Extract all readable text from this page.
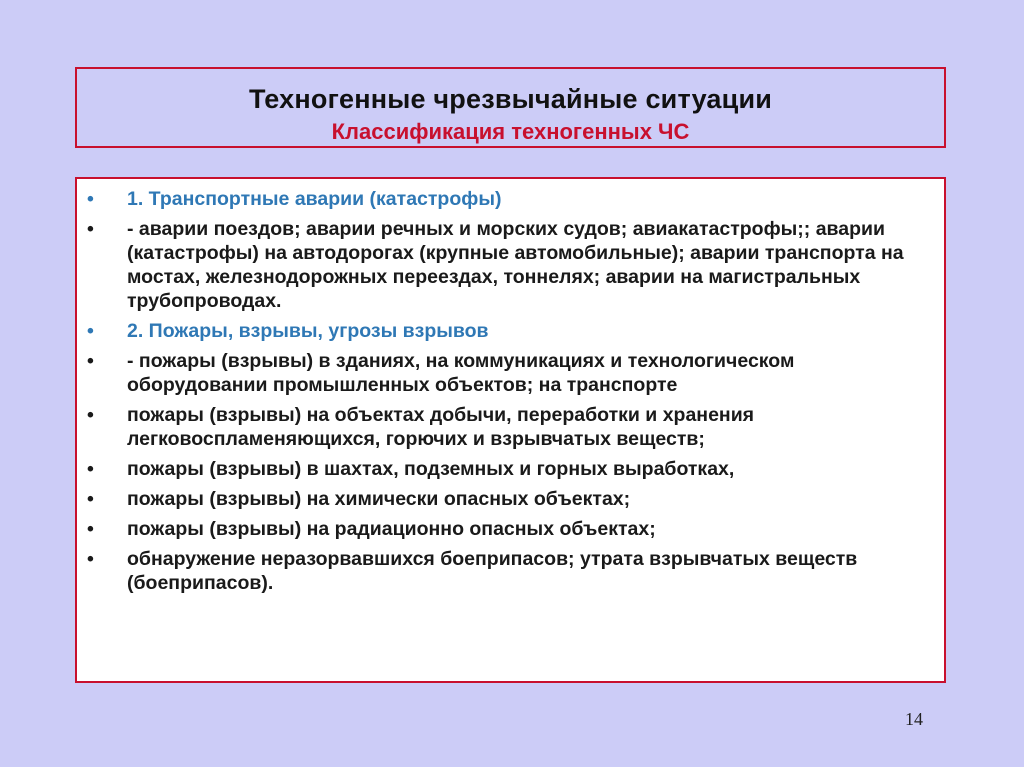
Техногенные чрезвычайные ситуации
Классификация техногенных ЧС
•	1. Транспортные аварии (катастрофы)
•	- аварии поездов; аварии речных и морских судов; авиакатастрофы;; аварии (катастрофы) на автодорогах (крупные автомобильные); аварии транспорта на мостах, железнодорожных переездах, тоннелях; аварии на магистральных трубопроводах.
•	2. Пожары, взрывы, угрозы взрывов
•	- пожары (взрывы) в зданиях, на коммуникациях и технологическом оборудовании промышленных объектов; на транспорте
•	пожары (взрывы) на объектах добычи, переработки и хранения легковоспламеняющихся, горючих и взрывчатых веществ;
•	пожары (взрывы) в шахтах, подземных и горных выработках,
•	пожары (взрывы) на химически опасных объектах;
•	пожары (взрывы) на радиационно опасных объектах;
•	обнаружение неразорвавшихся боеприпасов; утрата взрывчатых веществ (боеприпасов).
14
